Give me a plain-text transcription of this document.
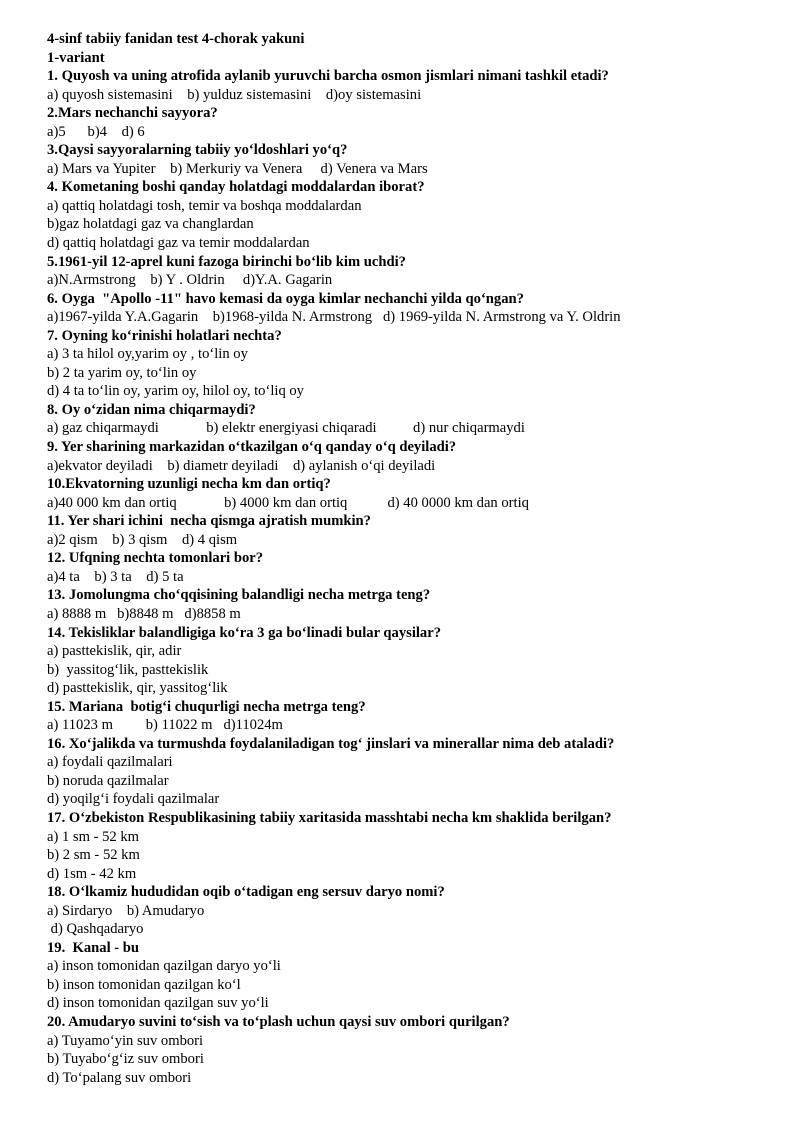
4-sinf tabiiy fanidan test 4-chorak yakuni
1-variant
1. Quyosh va uning atrofida aylanib yuruvchi barcha osmon jismlari nimani tashkil etadi?
a) quyosh sistemasini    b) yulduz sistemasini    d)oy sistemasini
2.Mars nechanchi sayyora?
a)5      b)4    d) 6
3.Qaysi sayyoralarning tabiiy yo‘ldoshlari yo‘q?
a) Mars va Yupiter    b) Merkuriy va Venera     d) Venera va Mars
4. Kometaning boshi qanday holatdagi moddalardan iborat?
a) qattiq holatdagi tosh, temir va boshqa moddalardan
b)gaz holatdagi gaz va changlardan
d) qattiq holatdagi gaz va temir moddalardan
5.1961-yil 12-aprel kuni fazoga birinchi bo‘lib kim uchdi?
a)N.Armstrong    b) Y . Oldrin     d)Y.A. Gagarin
6. Oyga  "Apollo -11" havo kemasi da oyga kimlar nechanchi yilda qo‘ngan?
a)1967-yilda Y.A.Gagarin    b)1968-yilda N. Armstrong   d) 1969-yilda N. Armstrong va Y. Oldrin
7. Oyning ko‘rinishi holatlari nechta?
a) 3 ta hilol oy,yarim oy , to‘lin oy
b) 2 ta yarim oy, to‘lin oy
d) 4 ta to‘lin oy, yarim oy, hilol oy, to‘liq oy
8. Oy o‘zidan nima chiqarmaydi?
a) gaz chiqarmaydi             b) elektr energiyasi chiqaradi          d) nur chiqarmaydi
9. Yer sharining markazidan o‘tkazilgan o‘q qanday o‘q deyiladi?
a)ekvator deyiladi    b) diametr deyiladi    d) aylanish o‘qi deyiladi
10.Ekvatorning uzunligi necha km dan ortiq?
a)40 000 km dan ortiq             b) 4000 km dan ortiq           d) 40 0000 km dan ortiq
11. Yer shari ichini  necha qismga ajratish mumkin?
a)2 qism    b) 3 qism    d) 4 qism
12. Ufqning nechta tomonlari bor?
a)4 ta    b) 3 ta    d) 5 ta
13. Jomolungma cho‘qqisining balandligi necha metrga teng?
a) 8888 m   b)8848 m   d)8858 m
14. Tekisliklar balandligiga ko‘ra 3 ga bo‘linadi bular qaysilar?
a) pasttekislik, qir, adir
b)  yassitog‘lik, pasttekislik
d) pasttekislik, qir, yassitog‘lik
15. Mariana  botig‘i chuqurligi necha metrga teng?
a) 11023 m         b) 11022 m   d)11024m
16. Xo‘jalikda va turmushda foydalaniladigan tog‘ jinslari va minerallar nima deb ataladi?
a) foydali qazilmalari
b) noruda qazilmalar
d) yoqilg‘i foydali qazilmalar
17. O‘zbekiston Respublikasining tabiiy xaritasida masshtabi necha km shaklida berilgan?
a) 1 sm - 52 km
b) 2 sm - 52 km
d) 1sm - 42 km
18. O‘lkamiz hududidan oqib o‘tadigan eng sersuv daryo nomi?
a) Sirdaryo    b) Amudaryo
d) Qashqadaryo
19.  Kanal - bu
a) inson tomonidan qazilgan daryo yo‘li
b) inson tomonidan qazilgan ko‘l
d) inson tomonidan qazilgan suv yo‘li
20. Amudaryo suvini to‘sish va to‘plash uchun qaysi suv ombori qurilgan?
a) Tuyamo‘yin suv ombori
b) Tuyabo‘g‘iz suv ombori
d) To‘palang suv ombori
